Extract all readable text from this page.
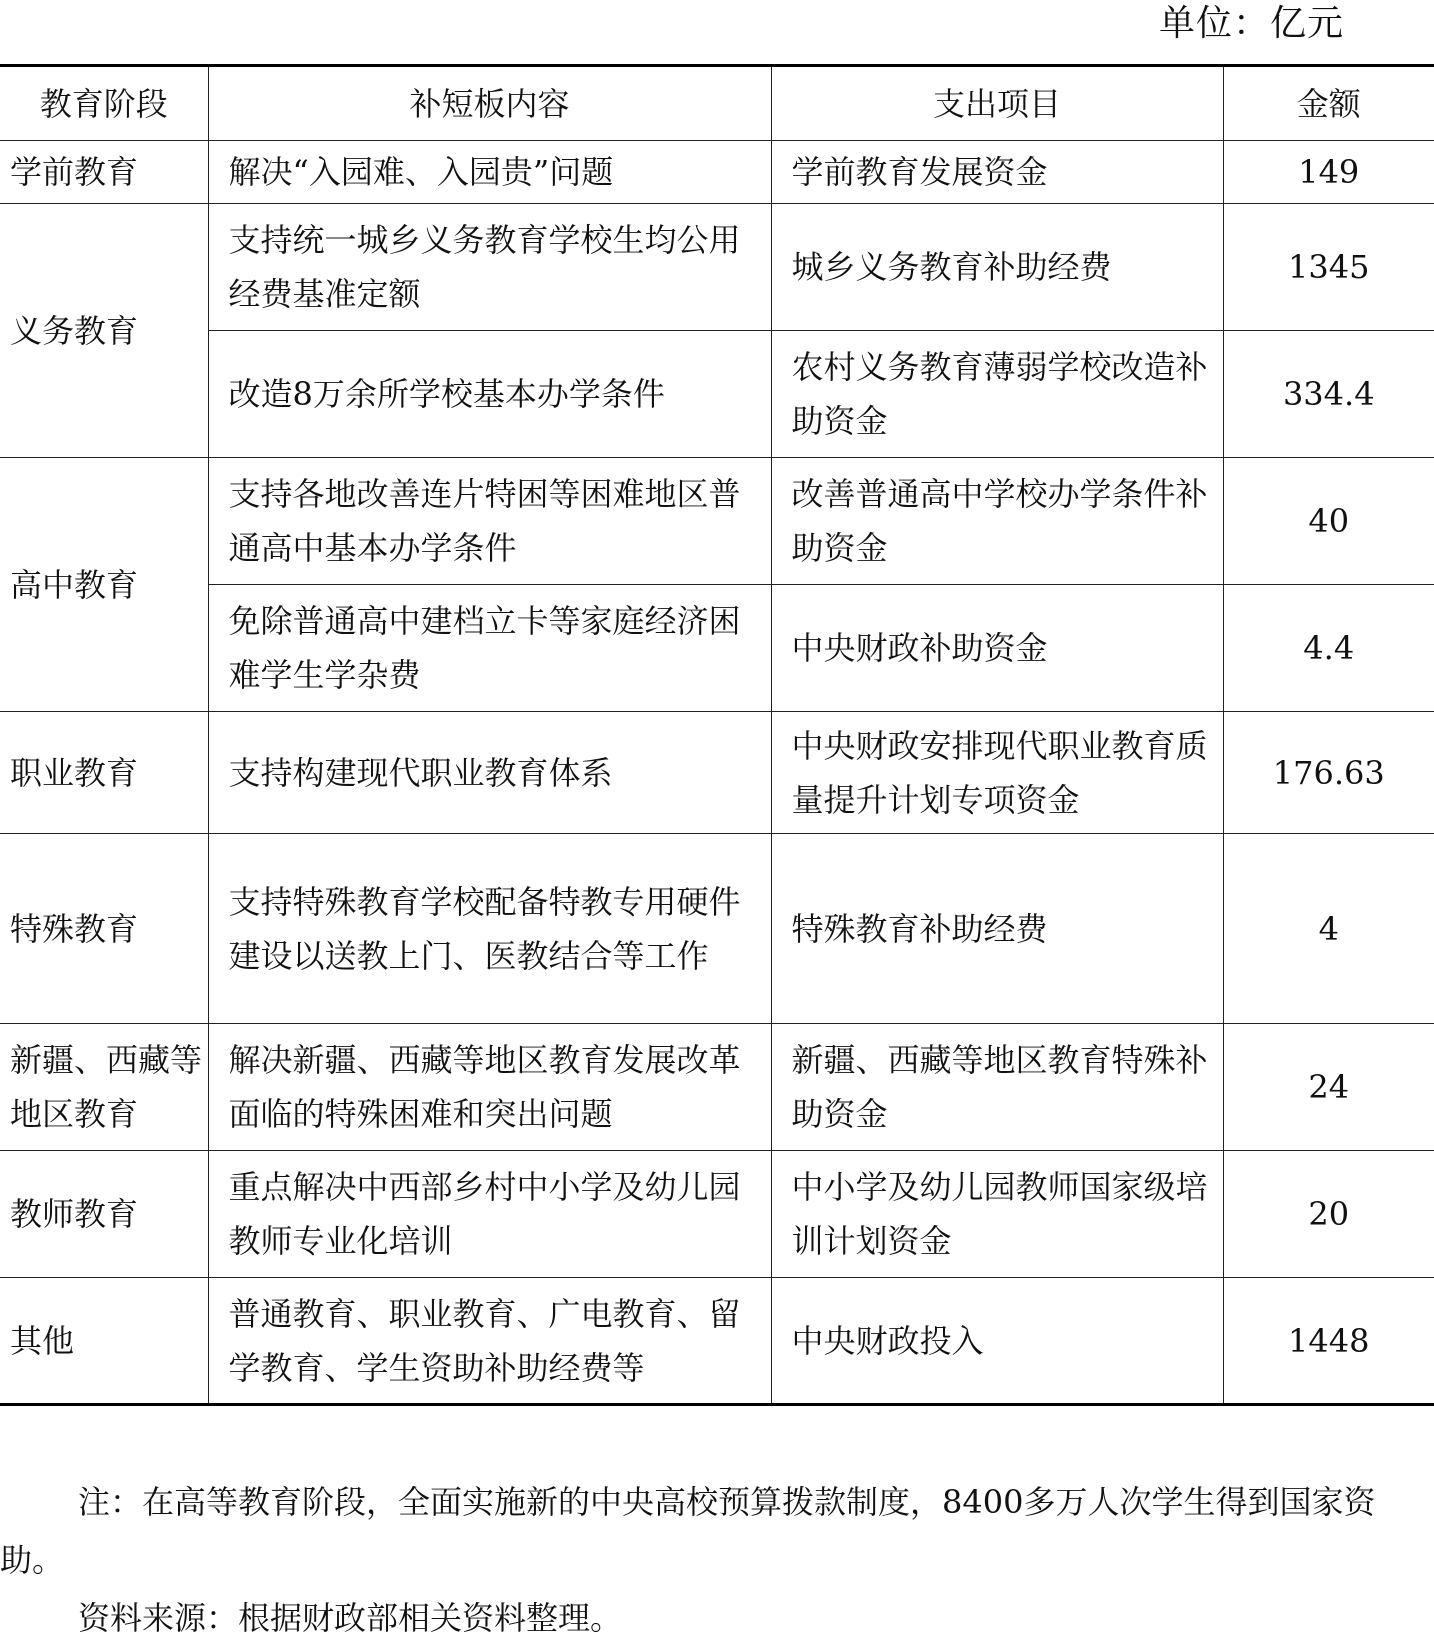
单位：亿元
教育阶段	补短板内容	支出项目	金额
学前教育	解决“入园难、入园贵”问题	学前教育发展资金	149
义务教育	支持统一城乡义务教育学校生均公用经费基准定额	城乡义务教育补助经费	1345
	改造8万余所学校基本办学条件	农村义务教育薄弱学校改造补助资金	334.4
高中教育	支持各地改善连片特困等困难地区普通高中基本办学条件	改善普通高中学校办学条件补助资金	40
	免除普通高中建档立卡等家庭经济困难学生学杂费	中央财政补助资金	4.4
职业教育	支持构建现代职业教育体系	中央财政安排现代职业教育质量提升计划专项资金	176.63
特殊教育	支持特殊教育学校配备特教专用硬件建设以送教上门、医教结合等工作	特殊教育补助经费	4
新疆、西藏等地区教育	解决新疆、西藏等地区教育发展改革面临的特殊困难和突出问题	新疆、西藏等地区教育特殊补助资金	24
教师教育	重点解决中西部乡村中小学及幼儿园教师专业化培训	中小学及幼儿园教师国家级培训计划资金	20
其他	普通教育、职业教育、广电教育、留学教育、学生资助补助经费等	中央财政投入	1448

注：在高等教育阶段，全面实施新的中央高校预算拨款制度，8400多万人次学生得到国家资助。

资料来源：根据财政部相关资料整理。
